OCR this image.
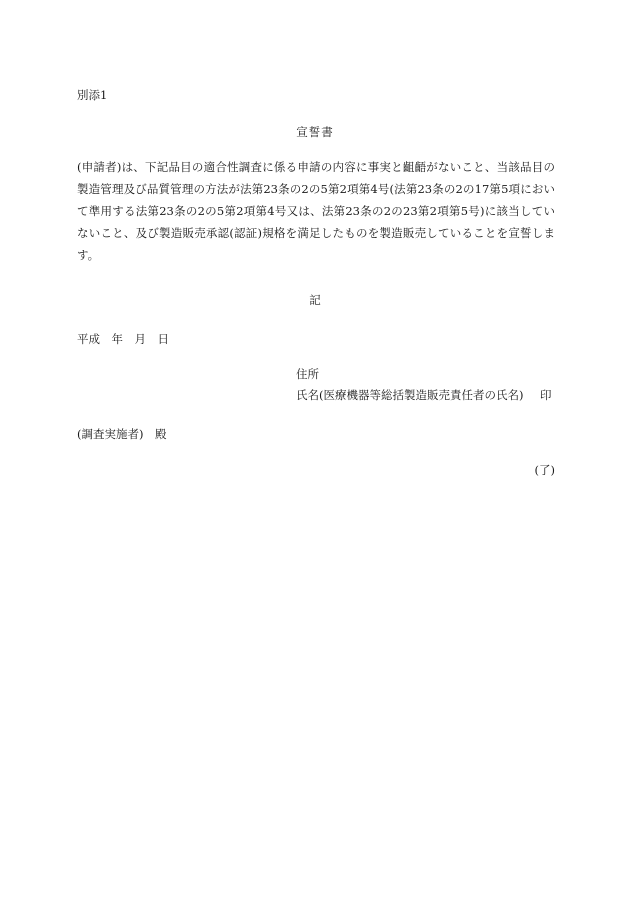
別添1
宣誓書
(申請者)は、下記品目の適合性調査に係る申請の内容に事実と齟齬がないこと、当該品目の製造管理及び品質管理の方法が法第23条の2の5第2項第4号(法第23条の2の17第5項において準用する法第23条の2の5第2項第4号又は、法第23条の2の23第2項第5号)に該当していないこと、及び製造販売承認(認証)規格を満足したものを製造販売していることを宣誓します。
記
平成　年　月　日
住所
氏名(医療機器等総括製造販売責任者の氏名) 印
(調査実施者)　殿
(了)
